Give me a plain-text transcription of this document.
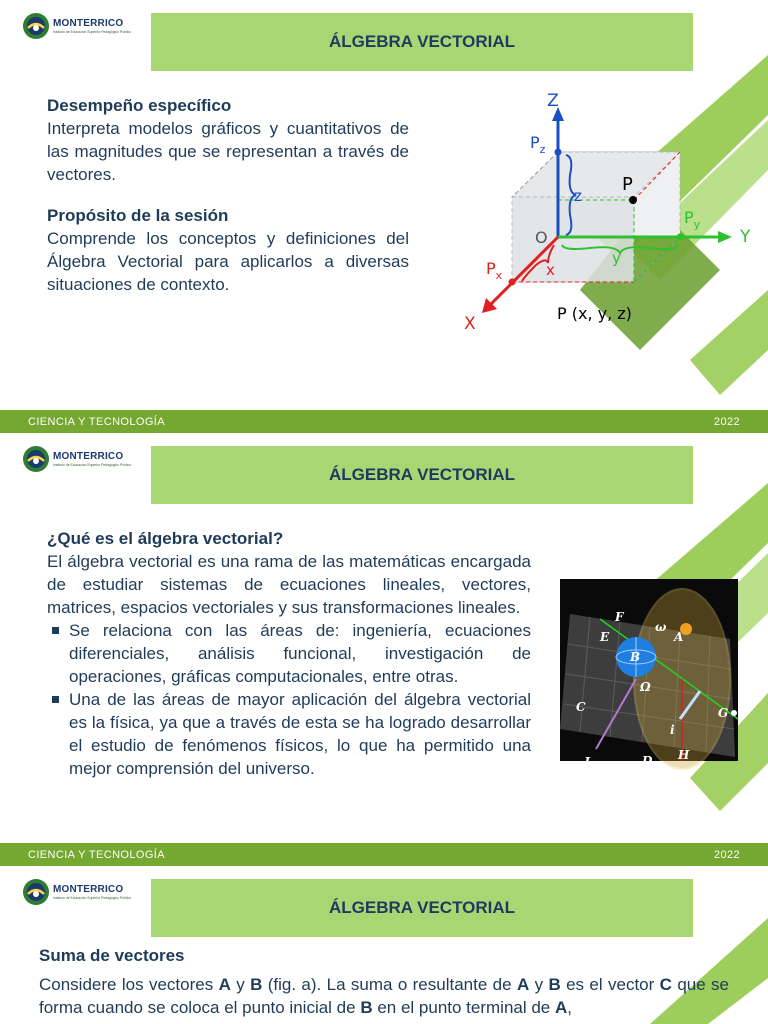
MONTERRICO
Instituto de Educación Superior Pedagógico Público	ÁLGEBRA VECTORIAL
Desempeño específico
Interpreta modelos gráficos y cuantitativos de las magnitudes que se representan a través de vectores.
Propósito de la sesión
Comprende los conceptos y definiciones del Álgebra Vectorial para aplicarlos a diversas situaciones de contexto.
Z
Y
X
$P_z$
$P_y$
$P_x$
P
O
z
y
x
P (x, y, z)
CIENCIA Y TECNOLOGÍA	2022
MONTERRICO
Instituto de Educación Superior Pedagógico Público	ÁLGEBRA VECTORIAL
¿Qué es el álgebra vectorial?
El álgebra vectorial es una rama de las matemáticas encargada de estudiar sistemas de ecuaciones lineales, vectores, matrices, espacios vectoriales y sus transformaciones lineales.
Se relaciona con las áreas de: ingeniería, ecuaciones diferenciales, análisis funcional, investigación de operaciones, gráficas computacionales, entre otras.
Una de las áreas de mayor aplicación del álgebra vectorial es la física, ya que a través de esta se ha logrado desarrollar el estudio de fenómenos físicos, lo que ha permitido una mejor comprensión del universo.
F
E
ω
A
B
Ω
C	G
i
J	D H
CIENCIA Y TECNOLOGÍA	2022
MONTERRICO
Instituto de Educación Superior Pedagógico Público	ÁLGEBRA VECTORIAL
Suma de vectores
Considere los vectores A y B (fig. a). La suma o resultante de A y B es el vector C que se forma cuando se coloca el punto inicial de B en el punto terminal de A,
